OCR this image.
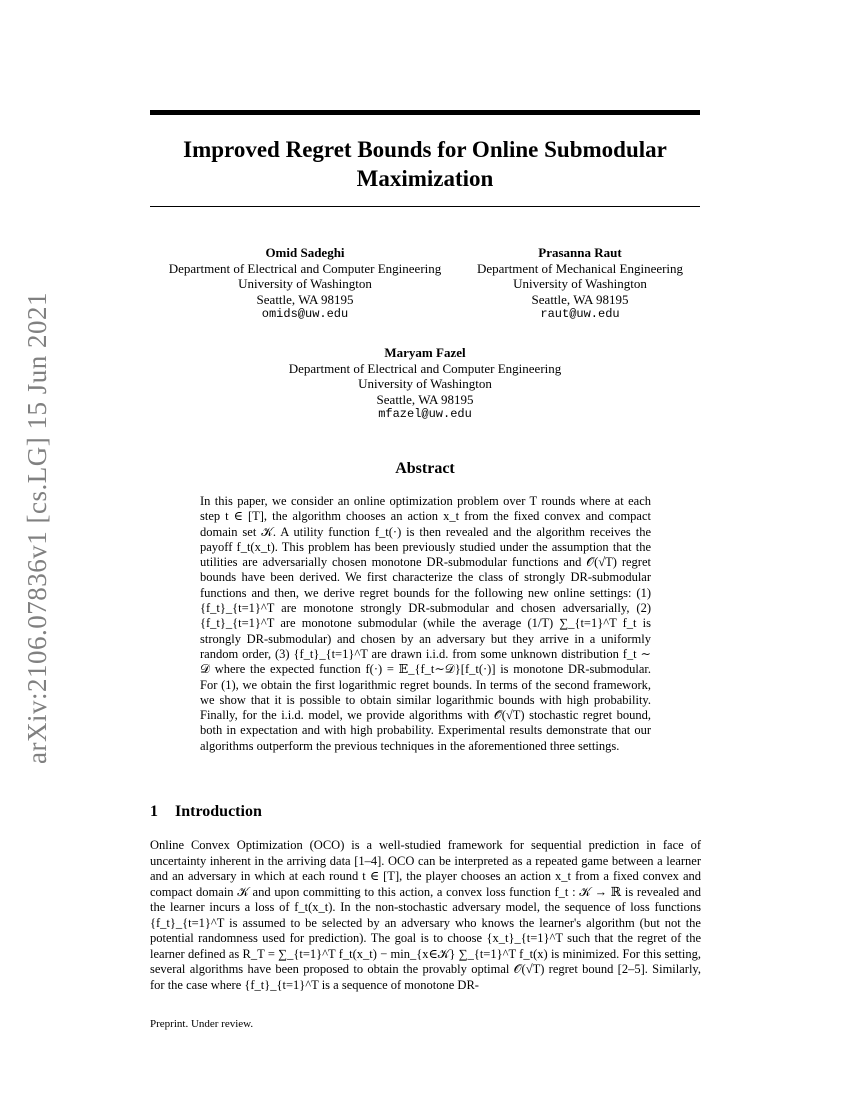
arXiv:2106.07836v1 [cs.LG] 15 Jun 2021
Improved Regret Bounds for Online Submodular Maximization
Omid Sadeghi
Department of Electrical and Computer Engineering
University of Washington
Seattle, WA 98195
omids@uw.edu
Prasanna Raut
Department of Mechanical Engineering
University of Washington
Seattle, WA 98195
raut@uw.edu
Maryam Fazel
Department of Electrical and Computer Engineering
University of Washington
Seattle, WA 98195
mfazel@uw.edu
Abstract
In this paper, we consider an online optimization problem over T rounds where at each step t ∈ [T], the algorithm chooses an action x_t from the fixed convex and compact domain set 𝒦. A utility function f_t(·) is then revealed and the algorithm receives the payoff f_t(x_t). This problem has been previously studied under the assumption that the utilities are adversarially chosen monotone DR-submodular functions and 𝒪(√T) regret bounds have been derived. We first characterize the class of strongly DR-submodular functions and then, we derive regret bounds for the following new online settings: (1) {f_t}_{t=1}^T are monotone strongly DR-submodular and chosen adversarially, (2) {f_t}_{t=1}^T are monotone submodular (while the average (1/T) ∑_{t=1}^T f_t is strongly DR-submodular) and chosen by an adversary but they arrive in a uniformly random order, (3) {f_t}_{t=1}^T are drawn i.i.d. from some unknown distribution f_t ∼ 𝒟 where the expected function f(·) = 𝔼_{f_t∼𝒟}[f_t(·)] is monotone DR-submodular. For (1), we obtain the first logarithmic regret bounds. In terms of the second framework, we show that it is possible to obtain similar logarithmic bounds with high probability. Finally, for the i.i.d. model, we provide algorithms with 𝒪̃(√T) stochastic regret bound, both in expectation and with high probability. Experimental results demonstrate that our algorithms outperform the previous techniques in the aforementioned three settings.
1 Introduction
Online Convex Optimization (OCO) is a well-studied framework for sequential prediction in face of uncertainty inherent in the arriving data [1–4]. OCO can be interpreted as a repeated game between a learner and an adversary in which at each round t ∈ [T], the player chooses an action x_t from a fixed convex and compact domain 𝒦 and upon committing to this action, a convex loss function f_t : 𝒦 → ℝ is revealed and the learner incurs a loss of f_t(x_t). In the non-stochastic adversary model, the sequence of loss functions {f_t}_{t=1}^T is assumed to be selected by an adversary who knows the learner's algorithm (but not the potential randomness used for prediction). The goal is to choose {x_t}_{t=1}^T such that the regret of the learner defined as R_T = ∑_{t=1}^T f_t(x_t) − min_{x∈𝒦} ∑_{t=1}^T f_t(x) is minimized. For this setting, several algorithms have been proposed to obtain the provably optimal 𝒪(√T) regret bound [2–5]. Similarly, for the case where {f_t}_{t=1}^T is a sequence of monotone DR-
Preprint. Under review.
